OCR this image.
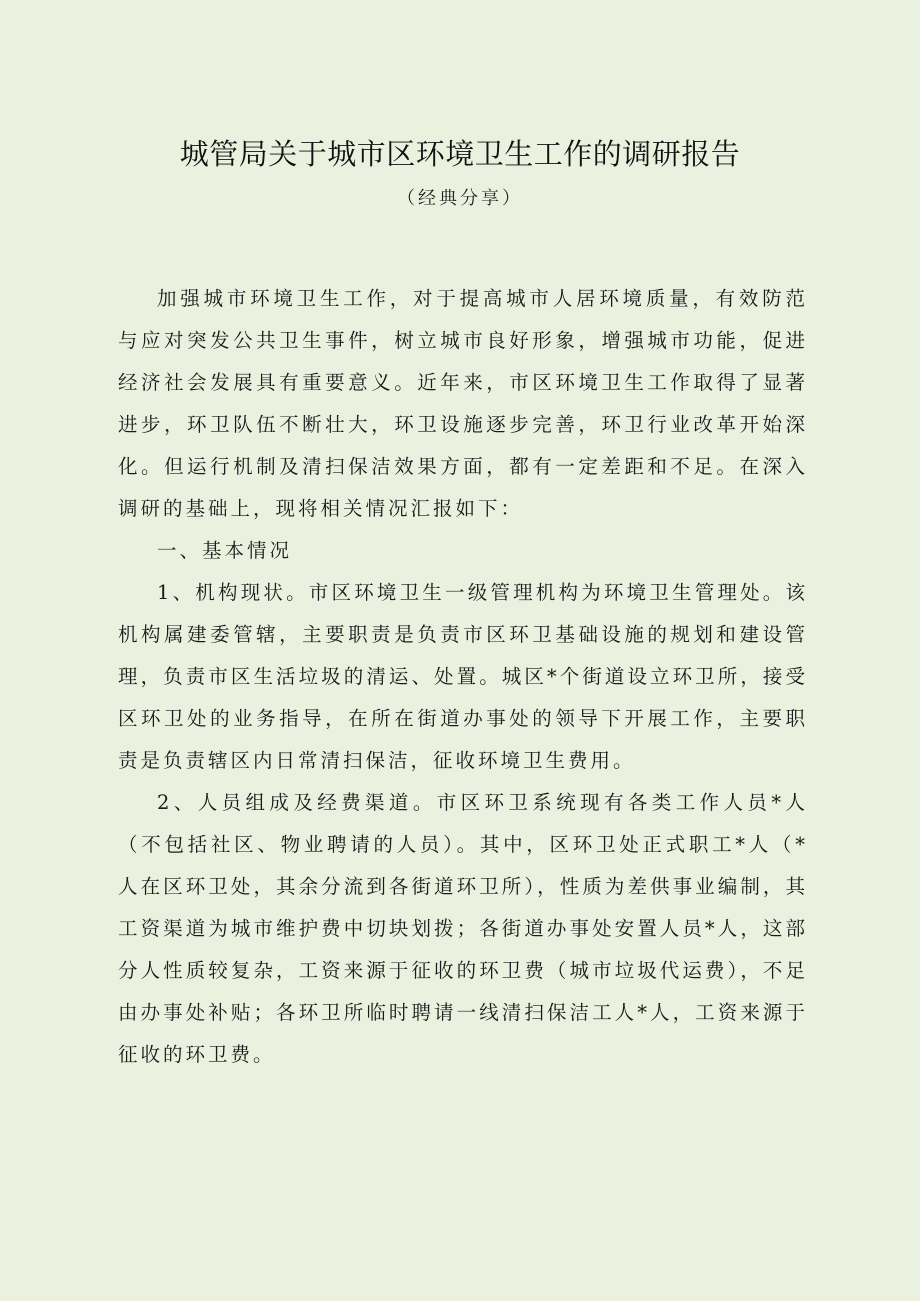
城管局关于城市区环境卫生工作的调研报告
（经典分享）

加强城市环境卫生工作，对于提高城市人居环境质量，有效防范与应对突发公共卫生事件，树立城市良好形象，增强城市功能，促进经济社会发展具有重要意义。近年来，市区环境卫生工作取得了显著进步，环卫队伍不断壮大，环卫设施逐步完善，环卫行业改革开始深化。但运行机制及清扫保洁效果方面，都有一定差距和不足。在深入调研的基础上，现将相关情况汇报如下：

一、基本情况

1、机构现状。市区环境卫生一级管理机构为环境卫生管理处。该机构属建委管辖，主要职责是负责市区环卫基础设施的规划和建设管理，负责市区生活垃圾的清运、处置。城区*个街道设立环卫所，接受区环卫处的业务指导，在所在街道办事处的领导下开展工作，主要职责是负责辖区内日常清扫保洁，征收环境卫生费用。

2、人员组成及经费渠道。市区环卫系统现有各类工作人员*人（不包括社区、物业聘请的人员）。其中，区环卫处正式职工*人（*人在区环卫处，其余分流到各街道环卫所），性质为差供事业编制，其工资渠道为城市维护费中切块划拨；各街道办事处安置人员*人，这部分人性质较复杂，工资来源于征收的环卫费（城市垃圾代运费），不足由办事处补贴；各环卫所临时聘请一线清扫保洁工人*人，工资来源于征收的环卫费。
